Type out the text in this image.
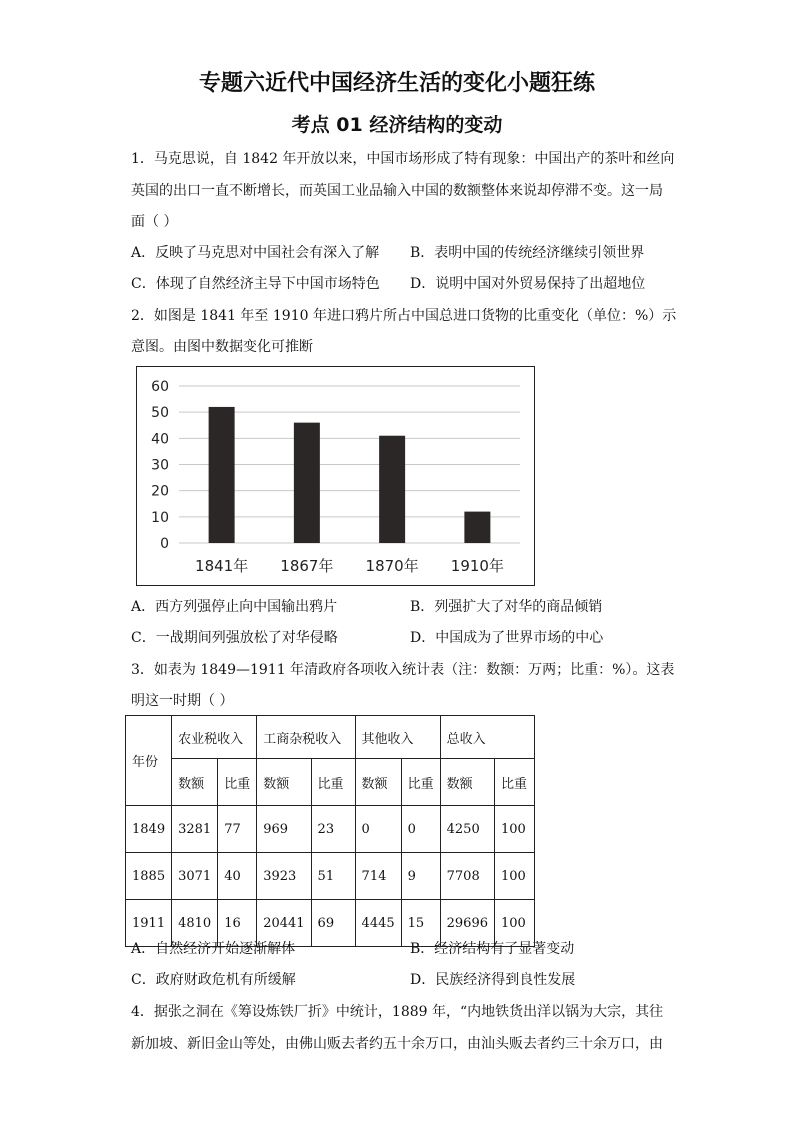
专题六近代中国经济生活的变化小题狂练
考点 01 经济结构的变动
1．马克思说，自 1842 年开放以来，中国市场形成了特有现象：中国出产的茶叶和丝向
英国的出口一直不断增长，而英国工业品输入中国的数额整体来说却停滞不变。这一局
面（ ）
A．反映了马克思对中国社会有深入了解 B．表明中国的传统经济继续引领世界
C．体现了自然经济主导下中国市场特色 D．说明中国对外贸易保持了出超地位
2．如图是 1841 年至 1910 年进口鸦片所占中国总进口货物的比重变化（单位：%）示
意图。由图中数据变化可推断
0
10
20
30
40
50
60
1841年 1867年 1870年 1910年
A．西方列强停止向中国输出鸦片	B．列强扩大了对华的商品倾销
C．一战期间列强放松了对华侵略	D．中国成为了世界市场的中心
3．如表为 1849—1911 年清政府各项收入统计表（注：数额：万两；比重：%）。这表
明这一时期（ ）
年份	农业税收入		工商杂税收入		其他收入		总收入	
	数额	比重	数额	比重	数额	比重	数额	比重
1849	3281	77	969	23	0	0	4250	100
1885	3071	40	3923	51	714	9	7708	100
1911	4810	16	20441	69	4445	15	29696	100
A．自然经济开始逐渐解体	B．经济结构有了显著变动
C．政府财政危机有所缓解	D．民族经济得到良性发展
4．据张之洞在《筹设炼铁厂折》中统计，1889 年，“内地铁货出洋以锅为大宗，其往
新加坡、新旧金山等处，由佛山贩去者约五十余万口，由汕头贩去者约三十余万口，由
